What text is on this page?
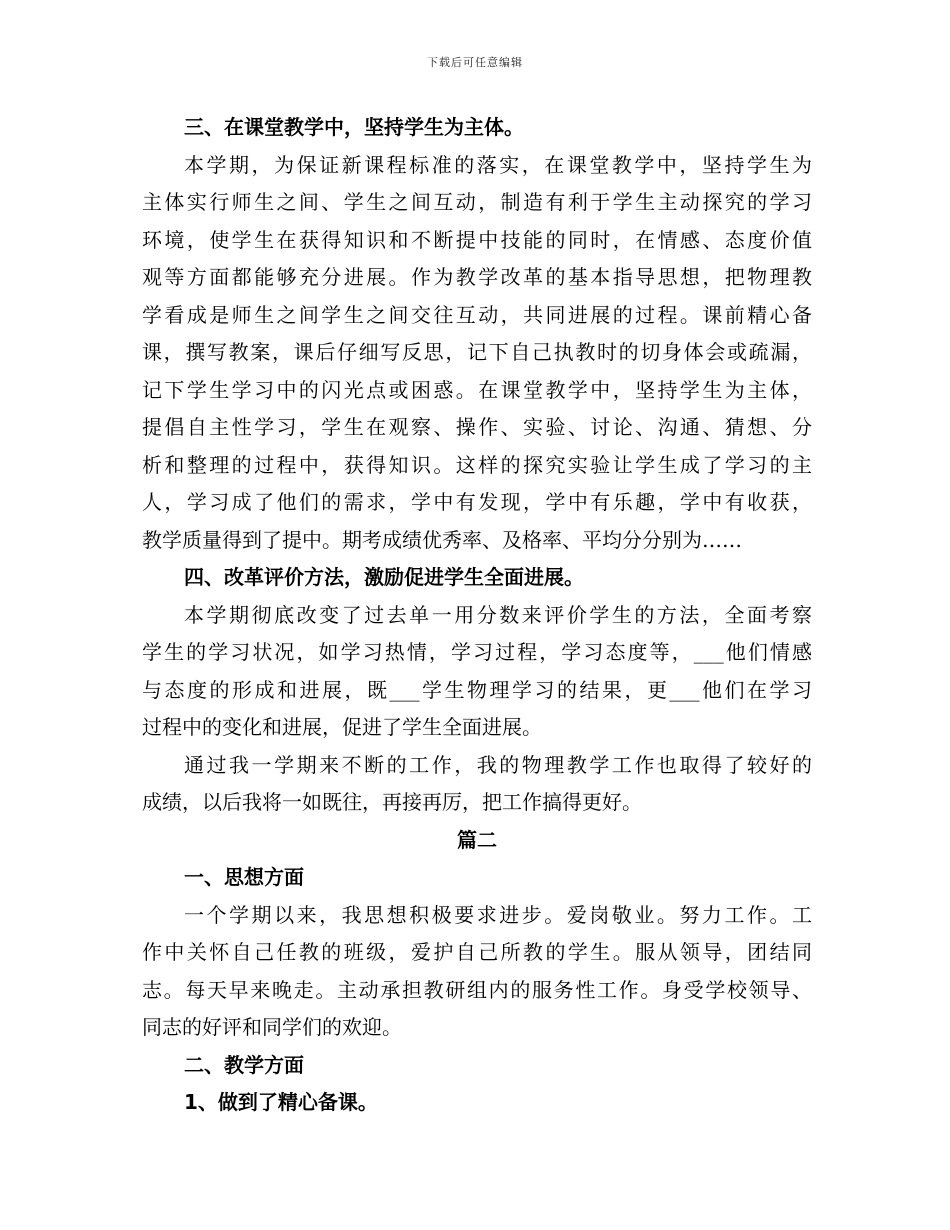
下载后可任意编辑
三、在课堂教学中，坚持学生为主体。
本学期，为保证新课程标准的落实，在课堂教学中，坚持学生为
主体实行师生之间、学生之间互动，制造有利于学生主动探究的学习
环境，使学生在获得知识和不断提中技能的同时，在情感、态度价值
观等方面都能够充分进展。作为教学改革的基本指导思想，把物理教
学看成是师生之间学生之间交往互动，共同进展的过程。课前精心备
课，撰写教案，课后仔细写反思，记下自己执教时的切身体会或疏漏，
记下学生学习中的闪光点或困惑。在课堂教学中，坚持学生为主体，
提倡自主性学习，学生在观察、操作、实验、讨论、沟通、猜想、分
析和整理的过程中，获得知识。这样的探究实验让学生成了学习的主
人，学习成了他们的需求，学中有发现，学中有乐趣，学中有收获，
教学质量得到了提中。期考成绩优秀率、及格率、平均分分别为……
四、改革评价方法，激励促进学生全面进展。
本学期彻底改变了过去单一用分数来评价学生的方法，全面考察
学生的学习状况，如学习热情，学习过程，学习态度等，___他们情感
与态度的形成和进展，既___学生物理学习的结果，更___他们在学习
过程中的变化和进展，促进了学生全面进展。
通过我一学期来不断的工作，我的物理教学工作也取得了较好的
成绩，以后我将一如既往，再接再厉，把工作搞得更好。
篇二
一、思想方面
一个学期以来，我思想积极要求进步。爱岗敬业。努力工作。工
作中关怀自己任教的班级，爱护自己所教的学生。服从领导，团结同
志。每天早来晚走。主动承担教研组内的服务性工作。身受学校领导、
同志的好评和同学们的欢迎。
二、教学方面
1、做到了精心备课。
